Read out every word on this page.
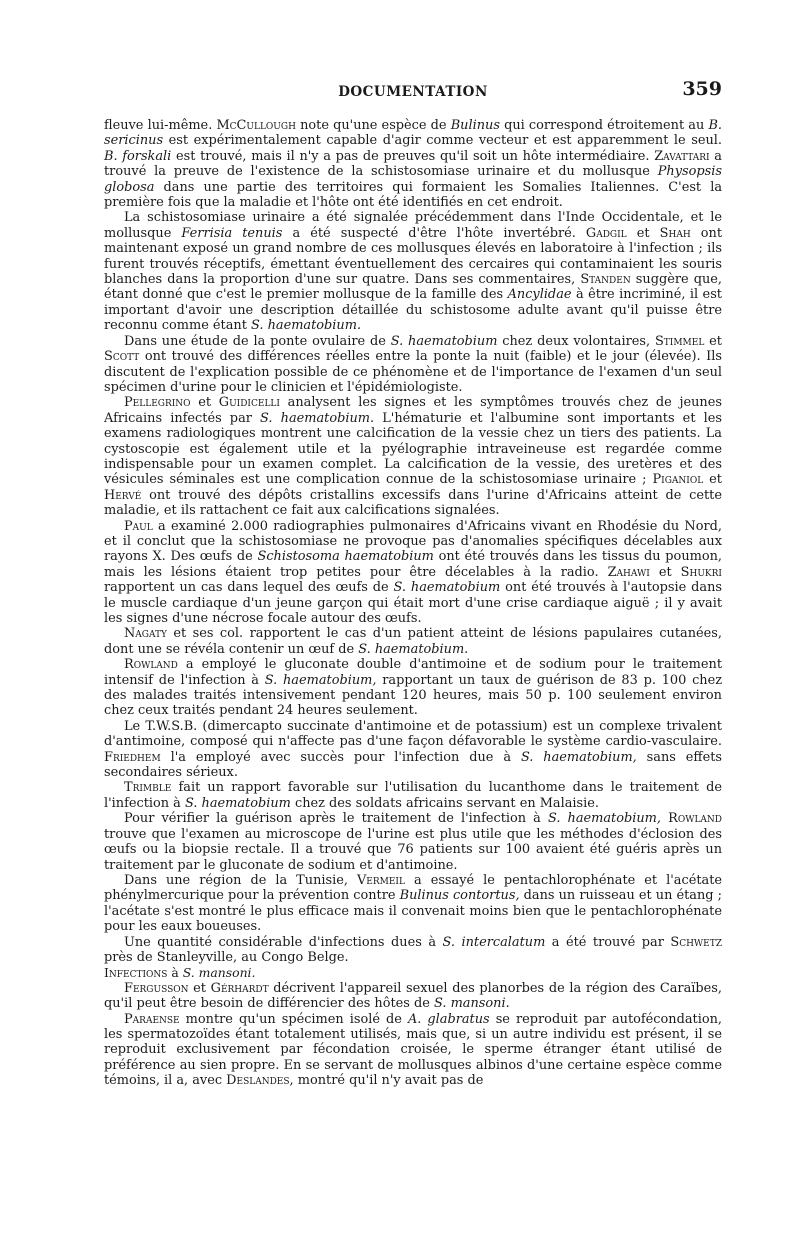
DOCUMENTATION	359

fleuve lui-même. McCullough note qu'une espèce de Bulinus qui correspond étroitement au B. sericinus est expérimentalement capable d'agir comme vecteur et est apparemment le seul. B. forskali est trouvé, mais il n'y a pas de preuves qu'il soit un hôte intermédiaire. Zavattari a trouvé la preuve de l'existence de la schistosomiase urinaire et du mollusque Physopsis globosa dans une partie des territoires qui formaient les Somalies Italiennes. C'est la première fois que la maladie et l'hôte ont été identifiés en cet endroit.

La schistosomiase urinaire a été signalée précédemment dans l'Inde Occidentale, et le mollusque Ferrisia tenuis a été suspecté d'être l'hôte invertébré. Gadgil et Shah ont maintenant exposé un grand nombre de ces mollusques élevés en laboratoire à l'infection ; ils furent trouvés réceptifs, émettant éventuellement des cercaires qui contaminaient les souris blanches dans la proportion d'une sur quatre. Dans ses commentaires, Standen suggère que, étant donné que c'est le premier mollusque de la famille des Ancylidae à être incriminé, il est important d'avoir une description détaillée du schistosome adulte avant qu'il puisse être reconnu comme étant S. haematobium.

Dans une étude de la ponte ovulaire de S. haematobium chez deux volontaires, Stimmel et Scott ont trouvé des différences réelles entre la ponte la nuit (faible) et le jour (élevée). Ils discutent de l'explication possible de ce phénomène et de l'importance de l'examen d'un seul spécimen d'urine pour le clinicien et l'épidémiologiste.

Pellegrino et Guidicelli analysent les signes et les symptômes trouvés chez de jeunes Africains infectés par S. haematobium. L'hématurie et l'albumine sont importants et les examens radiologiques montrent une calcification de la vessie chez un tiers des patients. La cystoscopie est également utile et la pyélographie intraveineuse est regardée comme indispensable pour un examen complet. La calcification de la vessie, des uretères et des vésicules séminales est une complication connue de la schistosomiase urinaire ; Piganiol et Hervé ont trouvé des dépôts cristallins excessifs dans l'urine d'Africains atteint de cette maladie, et ils rattachent ce fait aux calcifications signalées.

Paul a examiné 2.000 radiographies pulmonaires d'Africains vivant en Rhodésie du Nord, et il conclut que la schistosomiase ne provoque pas d'anomalies spécifiques décelables aux rayons X. Des œufs de Schistosoma haematobium ont été trouvés dans les tissus du poumon, mais les lésions étaient trop petites pour être décelables à la radio. Zahawi et Shukri rapportent un cas dans lequel des œufs de S. haematobium ont été trouvés à l'autopsie dans le muscle cardiaque d'un jeune garçon qui était mort d'une crise cardiaque aiguë ; il y avait les signes d'une nécrose focale autour des œufs.

Nagaty et ses col. rapportent le cas d'un patient atteint de lésions papulaires cutanées, dont une se révéla contenir un œuf de S. haematobium.

Rowland a employé le gluconate double d'antimoine et de sodium pour le traitement intensif de l'infection à S. haematobium, rapportant un taux de guérison de 83 p. 100 chez des malades traités intensivement pendant 120 heures, mais 50 p. 100 seulement environ chez ceux traités pendant 24 heures seulement.

Le T.W.S.B. (dimercapto succinate d'antimoine et de potassium) est un complexe trivalent d'antimoine, composé qui n'affecte pas d'une façon défavorable le système cardio-vasculaire. Friedhem l'a employé avec succès pour l'infection due à S. haematobium, sans effets secondaires sérieux.

Trimble fait un rapport favorable sur l'utilisation du lucanthome dans le traitement de l'infection à S. haematobium chez des soldats africains servant en Malaisie.

Pour vérifier la guérison après le traitement de l'infection à S. haematobium, Rowland trouve que l'examen au microscope de l'urine est plus utile que les méthodes d'éclosion des œufs ou la biopsie rectale. Il a trouvé que 76 patients sur 100 avaient été guéris après un traitement par le gluconate de sodium et d'antimoine.

Dans une région de la Tunisie, Vermeil a essayé le pentachlorophénate et l'acétate phénylmercurique pour la prévention contre Bulinus contortus, dans un ruisseau et un étang ; l'acétate s'est montré le plus efficace mais il convenait moins bien que le pentachlorophénate pour les eaux boueuses.

Une quantité considérable d'infections dues à S. intercalatum a été trouvé par Schwetz près de Stanleyville, au Congo Belge.

Infections à S. mansoni.

Fergusson et Gérhardt décrivent l'appareil sexuel des planorbes de la région des Caraïbes, qu'il peut être besoin de différencier des hôtes de S. mansoni.

Paraense montre qu'un spécimen isolé de A. glabratus se reproduit par autofécondation, les spermatozoïdes étant totalement utilisés, mais que, si un autre individu est présent, il se reproduit exclusivement par fécondation croisée, le sperme étranger étant utilisé de préférence au sien propre. En se servant de mollusques albinos d'une certaine espèce comme témoins, il a, avec Deslandes, montré qu'il n'y avait pas de
